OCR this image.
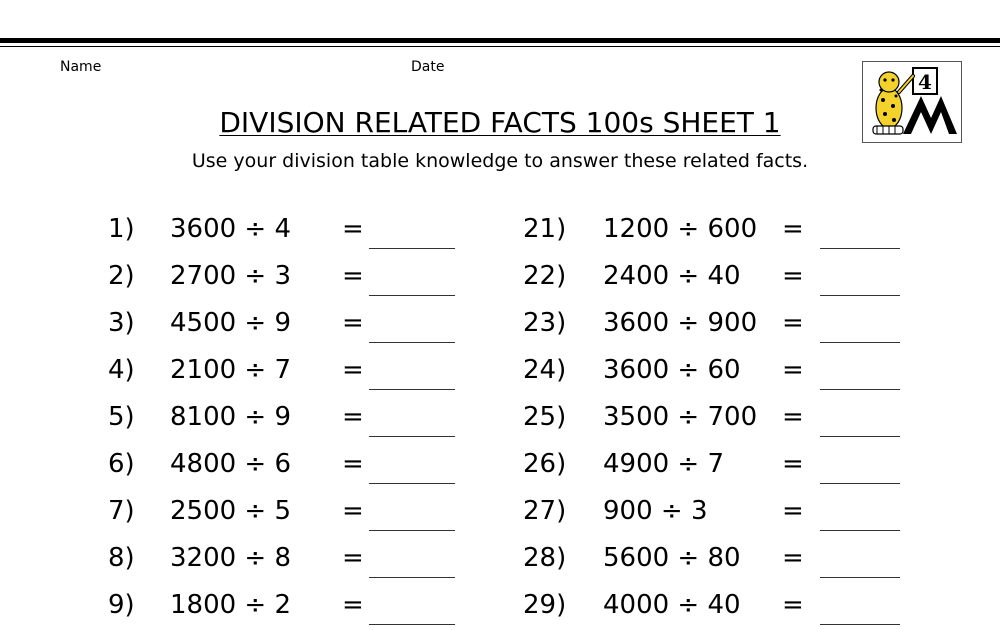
Name	Date
4
DIVISION RELATED FACTS 100s SHEET 1
Use your division table knowledge to answer these related facts.
1) 3600 ÷ 4 =
2) 2700 ÷ 3 =
3) 4500 ÷ 9 =
4) 2100 ÷ 7 =
5) 8100 ÷ 9 =
6) 4800 ÷ 6 =
7) 2500 ÷ 5 =
8) 3200 ÷ 8 =
9) 1800 ÷ 2 =
21) 1200 ÷ 600 =
22) 2400 ÷ 40 =
23) 3600 ÷ 900 =
24) 3600 ÷ 60 =
25) 3500 ÷ 700 =
26) 4900 ÷ 7 =
27) 900 ÷ 3	=
28) 5600 ÷ 80 =
29) 4000 ÷ 40 =
